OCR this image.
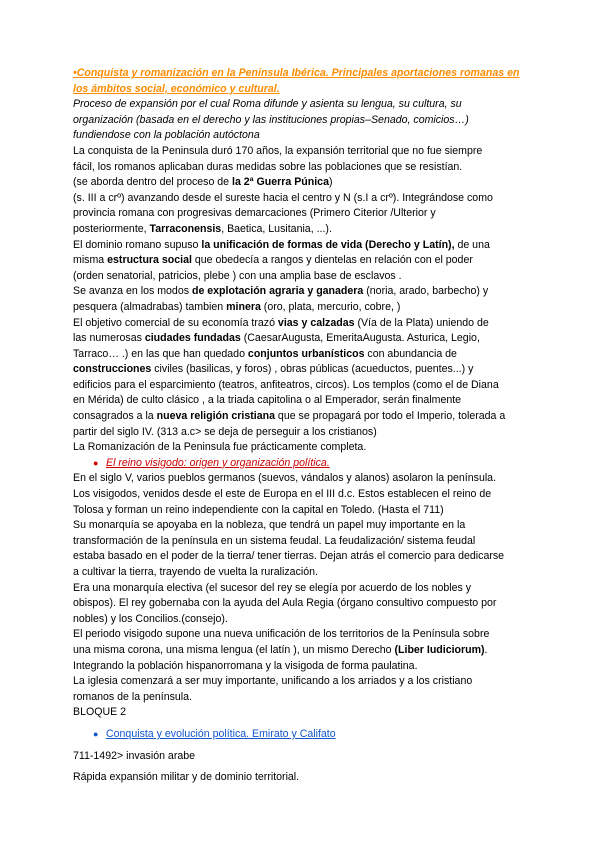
•Conquista y romanización en la Península Ibérica. Principales aportaciones romanas en los ámbitos social, económico y cultural.

Proceso de expansión por el cual Roma difunde y asienta su lengua, su cultura, su

organización (basada en el derecho y las instituciones propias–Senado, comicios…)

fundiendose con la población autóctona

La conquista de la Peninsula duró 170 años, la expansión territorial que no fue siempre

fácil, los romanos aplicaban duras medidas sobre las poblaciones que se resistían.

(se aborda dentro del proceso de la 2ª Guerra Púnica)

(s. III a crº) avanzando desde el sureste hacia el centro y N (s.I a crº). Integrándose como

provincia romana con progresivas demarcaciones (Primero Citerior /Ulterior y

posteriormente, Tarraconensis, Baetica, Lusitania, ...).

El dominio romano supuso la unificación de formas de vida (Derecho y Latín), de una

misma estructura social que obedecía a rangos y dientelas en relación con el poder

(orden senatorial, patricios, plebe ) con una amplia base de esclavos .

Se avanza en los modos de explotación agraria y ganadera (noria, arado, barbecho) y

pesquera (almadrabas) tambien minera (oro, plata, mercurio, cobre, )

El objetivo comercial de su economía trazó vias y calzadas (Vía de la Plata) uniendo de

las numerosas ciudades fundadas (CaesarAugusta, EmeritaAugusta. Asturica, Legio,

Tarraco… .) en las que han quedado conjuntos urbanísticos con abundancia de

construcciones civiles (basilicas, y foros) , obras públicas (acueductos, puentes...) y

edificios para el esparcimiento (teatros, anfiteatros, circos). Los templos (como el de Diana

en Mérida) de culto clásico , a la triada capitolina o al Emperador, serán finalmente

consagrados a la nueva religión cristiana que se propagará por todo el Imperio, tolerada a

partir del siglo IV. (313 a.c> se deja de perseguir a los cristianos)

La Romanización de la Peninsula fue prácticamente completa.

● El reino visigodo: origen y organización política.

En el siglo V, varios pueblos germanos (suevos, vándalos y alanos) asolaron la península.

Los visigodos, venidos desde el este de Europa en el III d.c. Estos establecen el reino de

Tolosa y forman un reino independiente con la capital en Toledo. (Hasta el 711)

Su monarquía se apoyaba en la nobleza, que tendrá un papel muy importante en la

transformación de la península en un sistema feudal. La feudalización/ sistema feudal

estaba basado en el poder de la tierra/ tener tierras. Dejan atrás el comercio para dedicarse

a cultivar la tierra, trayendo de vuelta la ruralización.

Era una monarquía electiva (el sucesor del rey se elegía por acuerdo de los nobles y

obispos). El rey gobernaba con la ayuda del Aula Regia (órgano consultivo compuesto por

nobles) y los Concilios.(consejo).

El periodo visigodo supone una nueva unificación de los territorios de la Península sobre

una misma corona, una misma lengua (el latín ), un mismo Derecho (Liber Iudiciorum).

Integrando la población hispanorromana y la visigoda de forma paulatina.

La iglesia comenzará a ser muy importante, unificando a los arriados y a los cristiano

romanos de la península.

BLOQUE 2

● Conquista y evolución política. Emirato y Califato

711-1492> invasión arabe

Rápida expansión militar y de dominio territorial.
